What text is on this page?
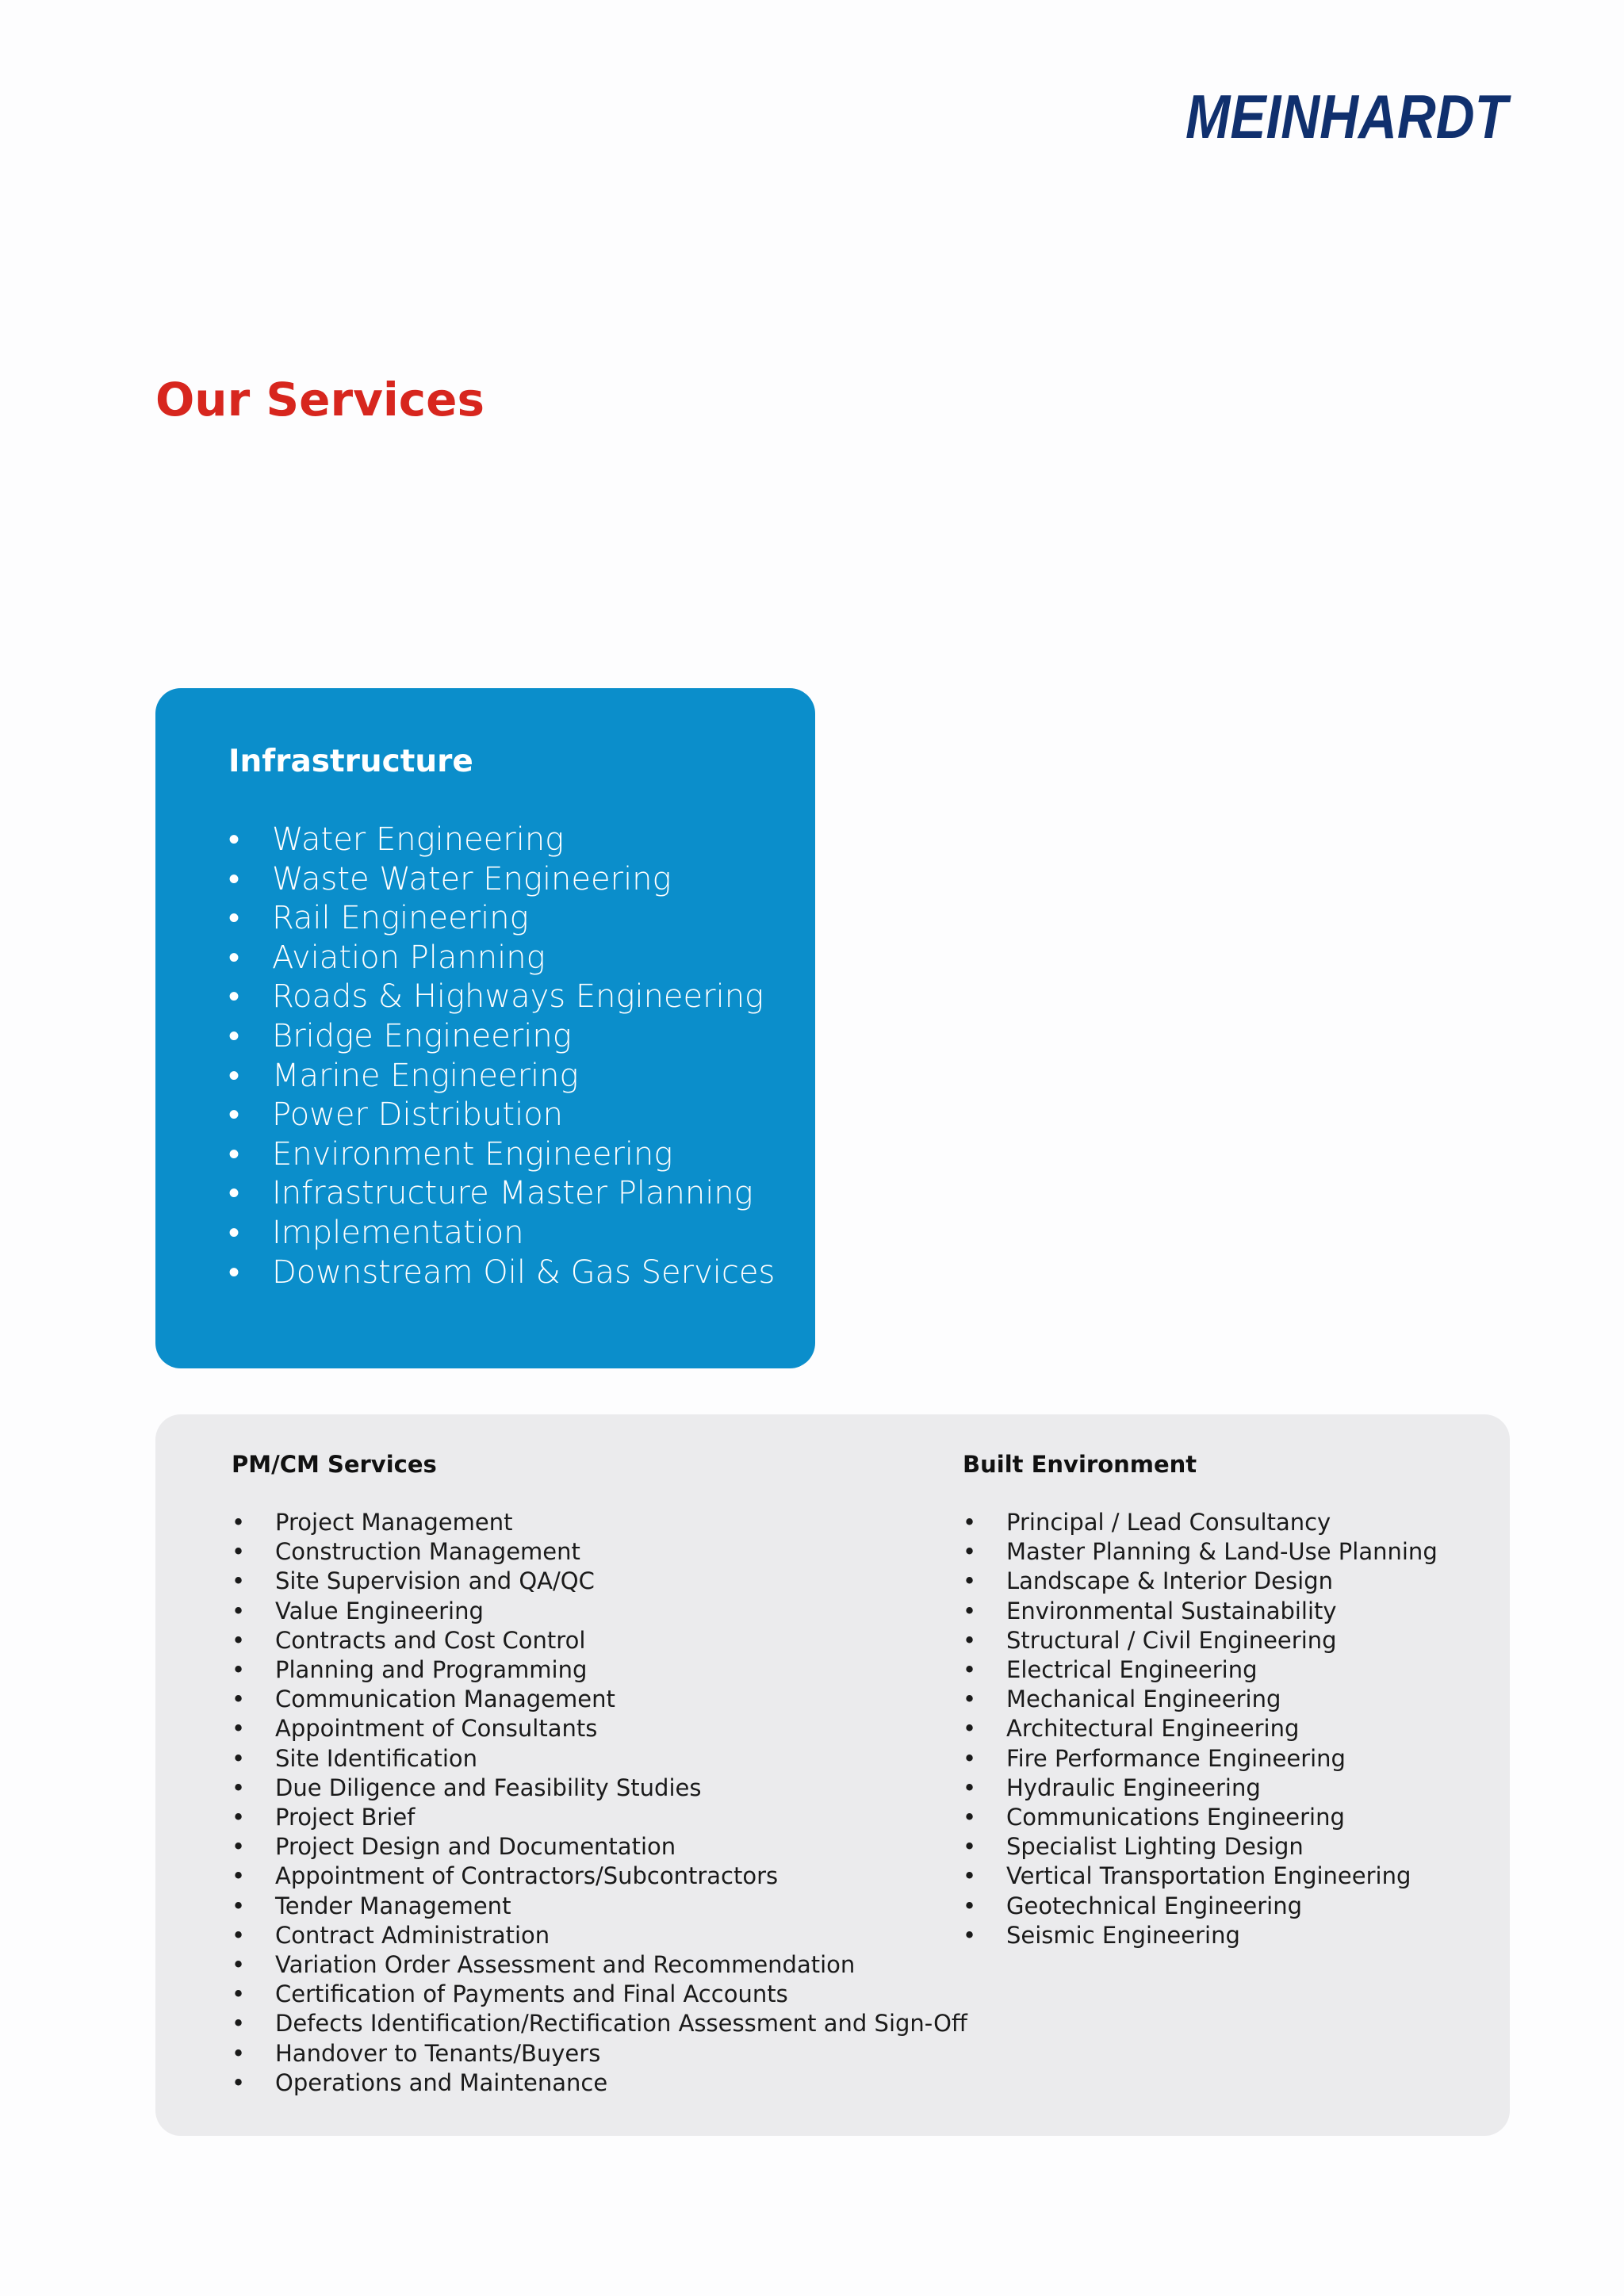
MEINHARDT
Our Services
Infrastructure
• Water Engineering
• Waste Water Engineering
• Rail Engineering
• Aviation Planning
• Roads & Highways Engineering
• Bridge Engineering
• Marine Engineering
• Power Distribution
• Environment Engineering
• Infrastructure Master Planning
• Implementation
• Downstream Oil & Gas Services
PM/CM Services
• Project Management
• Construction Management
• Site Supervision and QA/QC
• Value Engineering
• Contracts and Cost Control
• Planning and Programming
• Communication Management
• Appointment of Consultants
• Site Identification
• Due Diligence and Feasibility Studies
• Project Brief
• Project Design and Documentation
• Appointment of Contractors/Subcontractors
• Tender Management
• Contract Administration
• Variation Order Assessment and Recommendation
• Certification of Payments and Final Accounts
• Defects Identification/Rectification Assessment and Sign-Off
• Handover to Tenants/Buyers
• Operations and Maintenance
Built Environment
• Principal / Lead Consultancy
• Master Planning & Land-Use Planning
• Landscape & Interior Design
• Environmental Sustainability
• Structural / Civil Engineering
• Electrical Engineering
• Mechanical Engineering
• Architectural Engineering
• Fire Performance Engineering
• Hydraulic Engineering
• Communications Engineering
• Specialist Lighting Design
• Vertical Transportation Engineering
• Geotechnical Engineering
• Seismic Engineering
